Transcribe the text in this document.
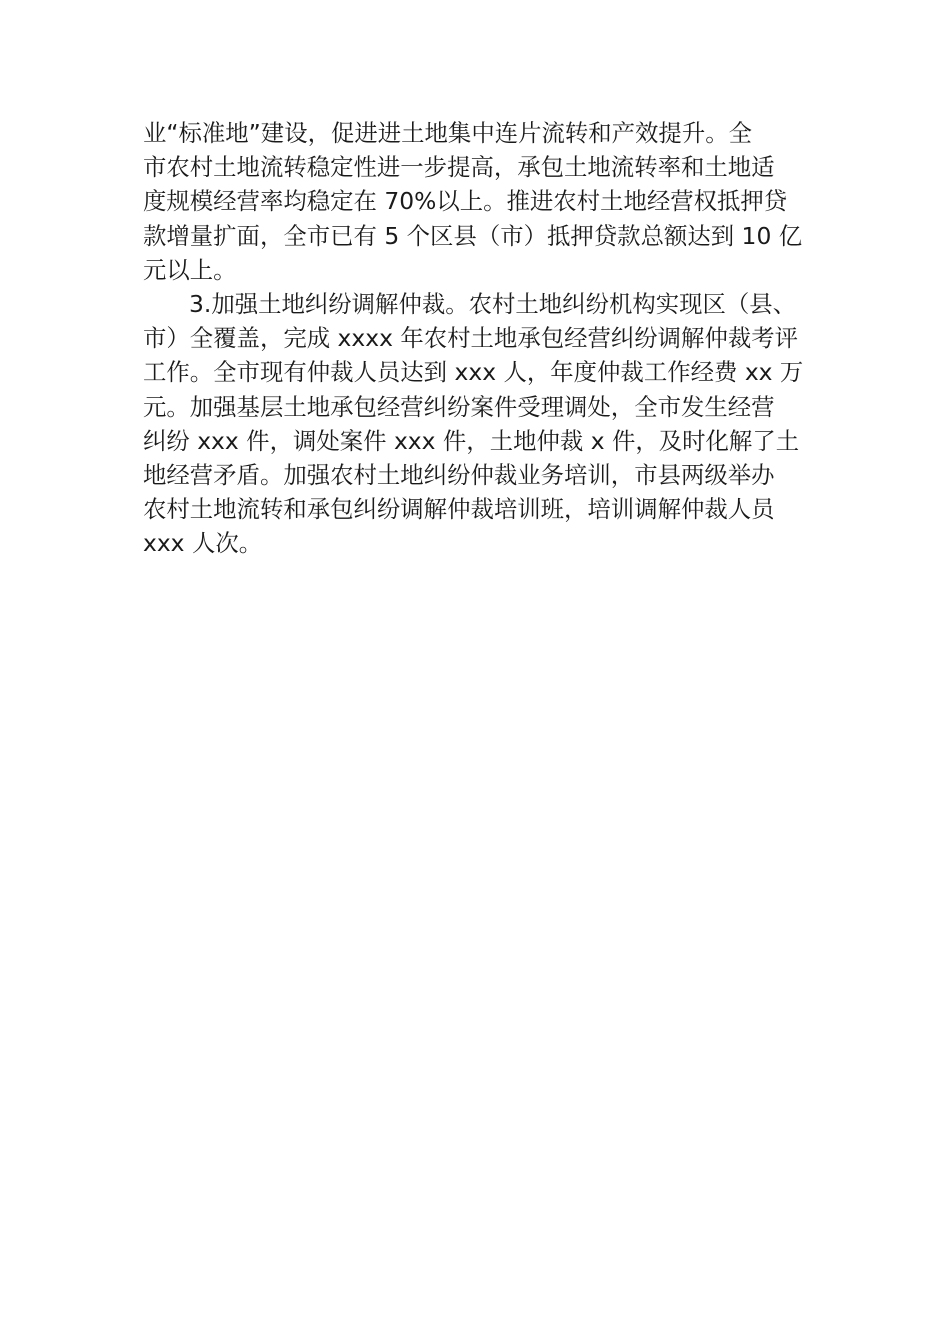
业“标准地”建设，促进进土地集中连片流转和产效提升。全
市农村土地流转稳定性进一步提高，承包土地流转率和土地适
度规模经营率均稳定在 70%以上。推进农村土地经营权抵押贷
款增量扩面，全市已有 5 个区县（市）抵押贷款总额达到 10 亿
元以上。
3.加强土地纠纷调解仲裁。农村土地纠纷机构实现区（县、
市）全覆盖，完成 xxxx 年农村土地承包经营纠纷调解仲裁考评
工作。全市现有仲裁人员达到 xxx 人，年度仲裁工作经费 xx 万
元。加强基层土地承包经营纠纷案件受理调处，全市发生经营
纠纷 xxx 件，调处案件 xxx 件，土地仲裁 x 件，及时化解了土
地经营矛盾。加强农村土地纠纷仲裁业务培训，市县两级举办
农村土地流转和承包纠纷调解仲裁培训班，培训调解仲裁人员
xxx 人次。
